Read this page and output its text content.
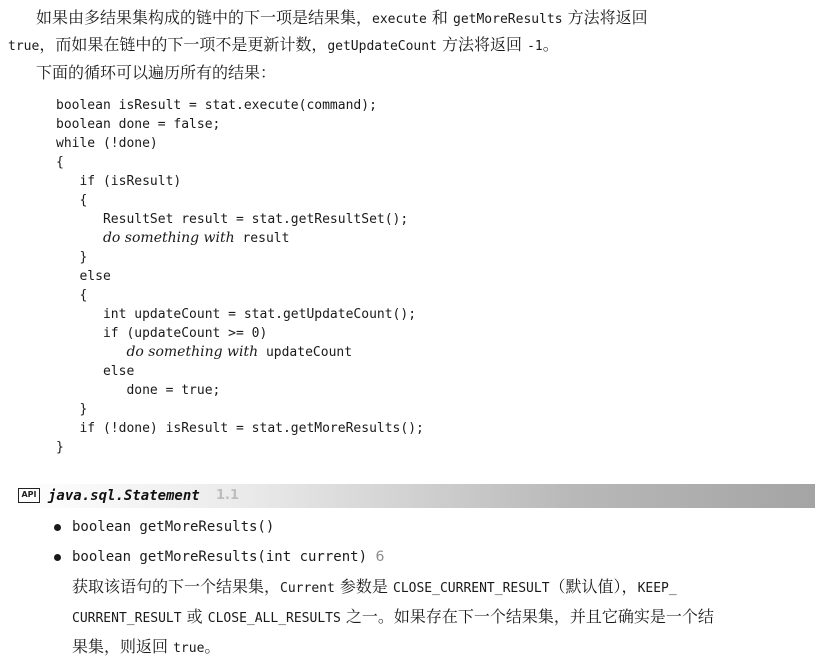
如果由多结果集构成的链中的下一项是结果集，execute 和 getMoreResults 方法将返回
true，而如果在链中的下一项不是更新计数，getUpdateCount 方法将返回 -1。
下面的循环可以遍历所有的结果：
boolean isResult = stat.execute(command);
boolean done = false;
while (!done)
{
if (isResult)
{
ResultSet result = stat.getResultSet();
do something with result
}
else
{
int updateCount = stat.getUpdateCount();
if (updateCount >= 0)
do something with updateCount
else
done = true;
}
if (!done) isResult = stat.getMoreResults();
}
API java.sql.Statement 1.1
boolean getMoreResults()
boolean getMoreResults(int current) 6
获取该语句的下一个结果集，Current 参数是 CLOSE_CURRENT_RESULT（默认值），KEEP_
CURRENT_RESULT 或 CLOSE_ALL_RESULTS 之一。如果存在下一个结果集，并且它确实是一个结
果集，则返回 true。
